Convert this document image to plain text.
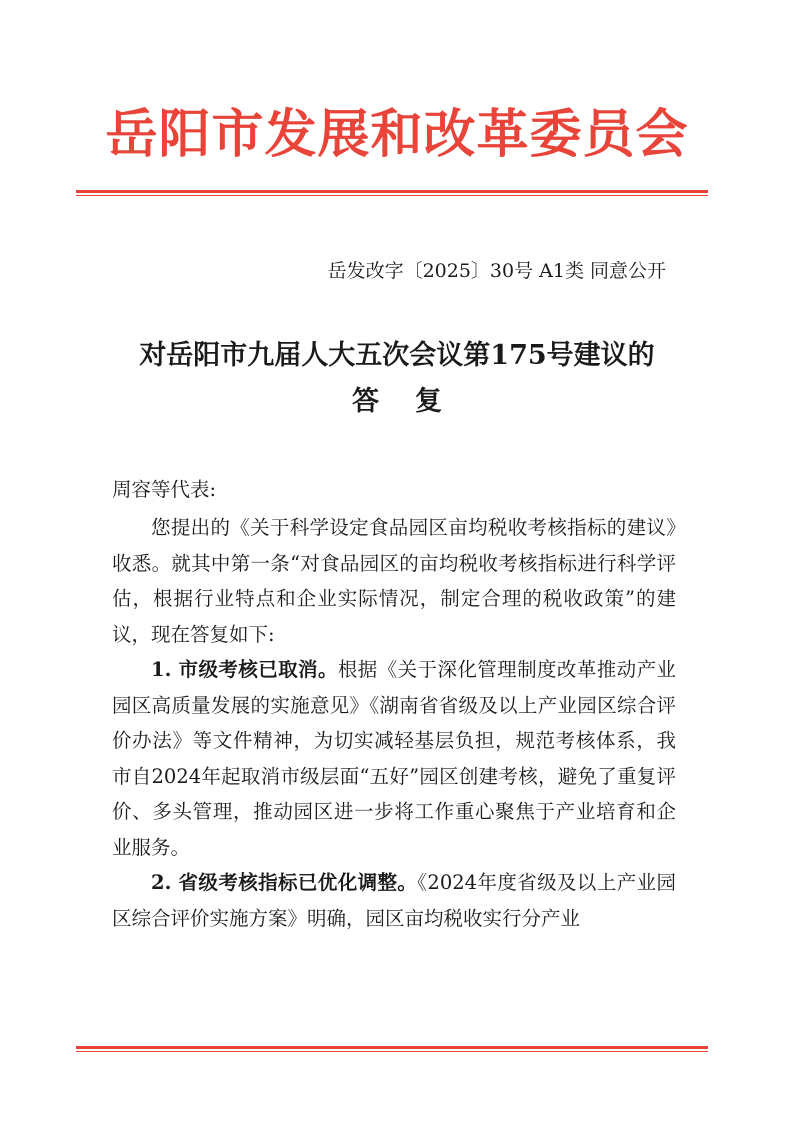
岳阳市发展和改革委员会
岳发改字〔2025〕30号 A1类 同意公开
对岳阳市九届人大五次会议第175号建议的
答复
周容等代表:

您提出的《关于科学设定食品园区亩均税收考核指标的建议》收悉。就其中第一条“对食品园区的亩均税收考核指标进行科学评估，根据行业特点和企业实际情况，制定合理的税收政策”的建议，现在答复如下:

1. 市级考核已取消。根据《关于深化管理制度改革推动产业园区高质量发展的实施意见》《湖南省省级及以上产业园区综合评价办法》等文件精神，为切实减轻基层负担，规范考核体系，我市自2024年起取消市级层面“五好”园区创建考核，避免了重复评价、多头管理，推动园区进一步将工作重心聚焦于产业培育和企业服务。

2. 省级考核指标已优化调整。《2024年度省级及以上产业园区综合评价实施方案》明确，园区亩均税收实行分产业
